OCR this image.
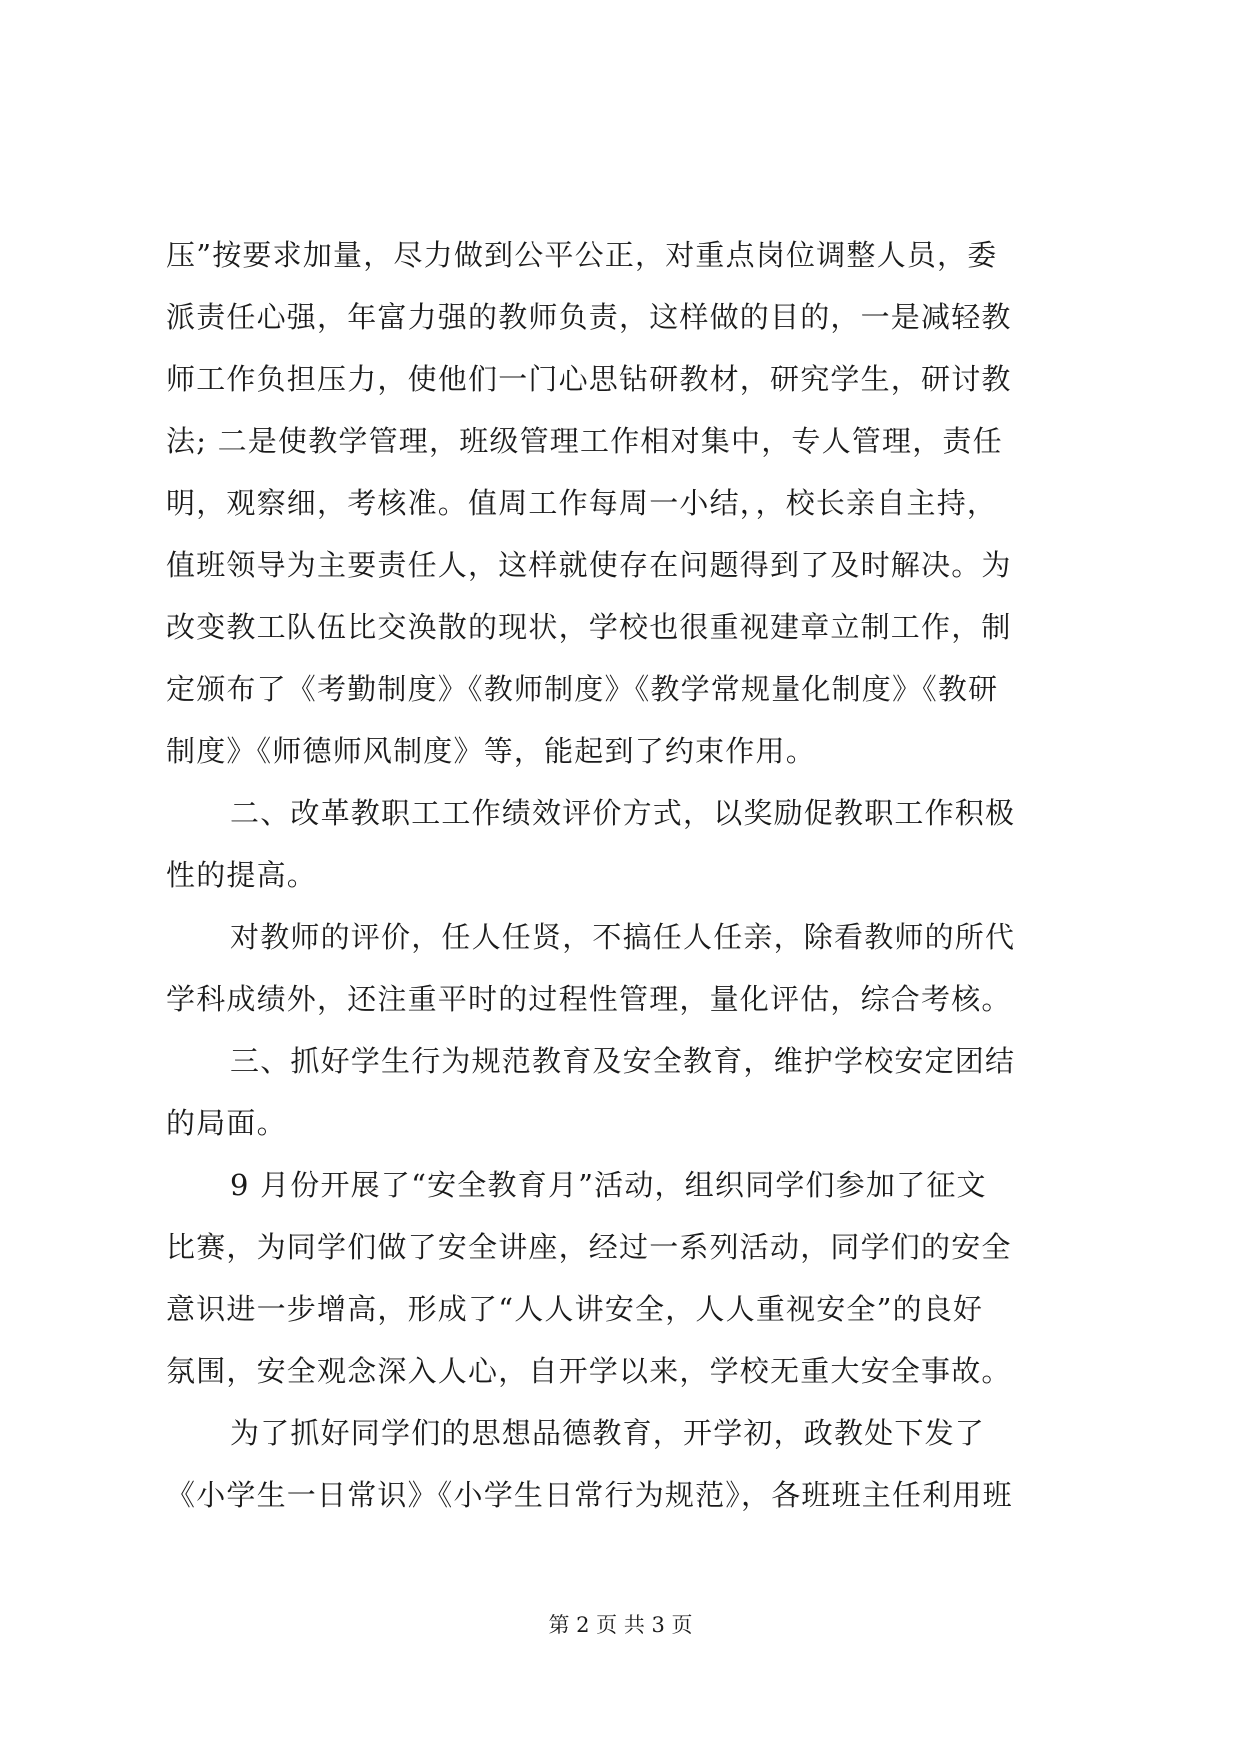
压”按要求加量，尽力做到公平公正，对重点岗位调整人员，委
派责任心强，年富力强的教师负责，这样做的目的，一是减轻教
师工作负担压力，使他们一门心思钻研教材，研究学生，研讨教
法; 二是使教学管理，班级管理工作相对集中，专人管理，责任
明，观察细，考核准。值周工作每周一小结，，校长亲自主持，
值班领导为主要责任人，这样就使存在问题得到了及时解决。为
改变教工队伍比交涣散的现状，学校也很重视建章立制工作，制
定颁布了《考勤制度》《教师制度》《教学常规量化制度》《教研
制度》《师德师风制度》等，能起到了约束作用。
二、改革教职工工作绩效评价方式，以奖励促教职工作积极
性的提高。
对教师的评价，任人任贤，不搞任人任亲，除看教师的所代
学科成绩外，还注重平时的过程性管理，量化评估，综合考核。
三、抓好学生行为规范教育及安全教育，维护学校安定团结
的局面。
9 月份开展了“安全教育月”活动，组织同学们参加了征文
比赛，为同学们做了安全讲座，经过一系列活动，同学们的安全
意识进一步增高，形成了“人人讲安全，人人重视安全”的良好
氛围，安全观念深入人心，自开学以来，学校无重大安全事故。
为了抓好同学们的思想品德教育，开学初，政教处下发了
《小学生一日常识》《小学生日常行为规范》，各班班主任利用班
第 2 页 共 3 页
